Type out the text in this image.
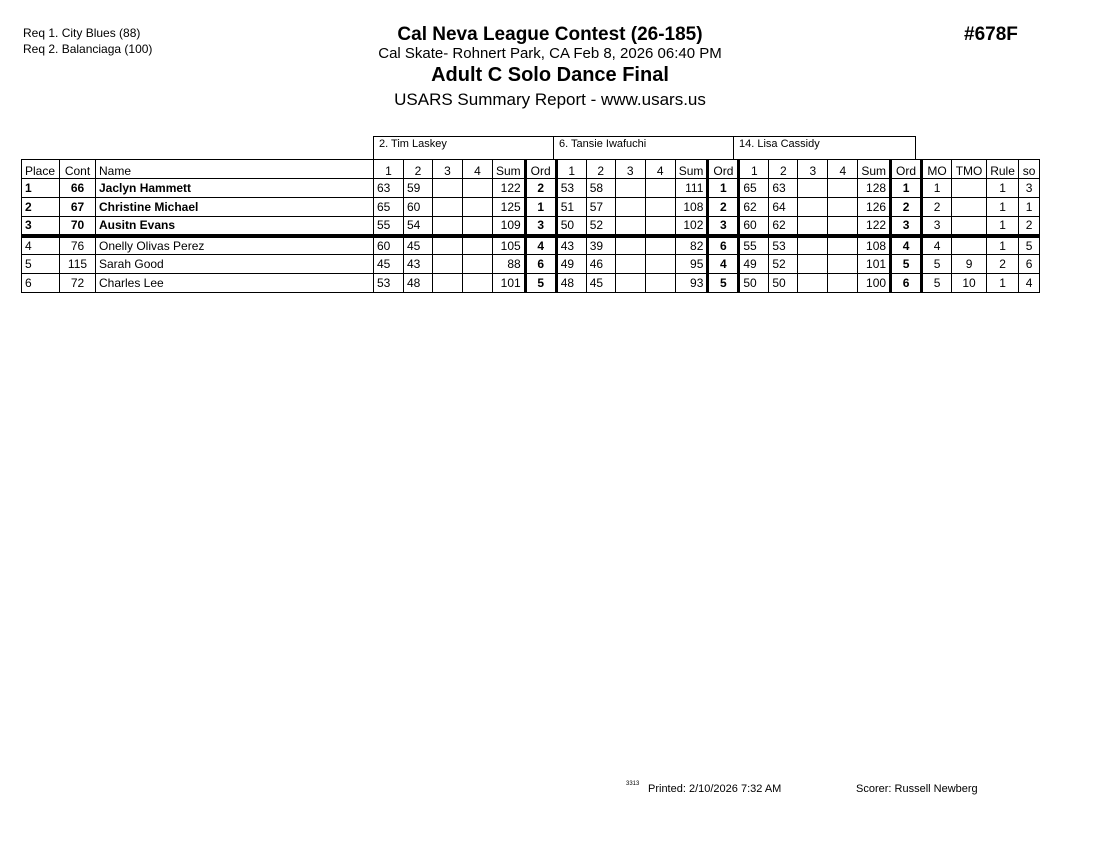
Req 1. City Blues (88)
Req 2. Balanciaga (100)
Cal Neva League Contest (26-185)
Cal Skate- Rohnert Park, CA Feb 8, 2026 06:40 PM
Adult C Solo Dance Final
USARS Summary Report - www.usars.us
#678F
2. Tim Laskey	6. Tansie Iwafuchi	14. Lisa Cassidy
Place	Cont	Name	1	2	3	4	Sum	Ord	1	2	3	4	Sum	Ord	1	2	3	4	Sum	Ord	MO	TMO	Rule	so
1	66	Jaclyn Hammett	63	59			122	2	53	58			111	1	65	63			128	1	1		1	3
2	67	Christine Michael	65	60			125	1	51	57			108	2	62	64			126	2	2		1	1
3	70	Ausitn Evans	55	54			109	3	50	52			102	3	60	62			122	3	3		1	2
4	76	Onelly Olivas Perez	60	45			105	4	43	39			82	6	55	53			108	4	4		1	5
5	115	Sarah Good	45	43			88	6	49	46			95	4	49	52			101	5	5	9	2	6
6	72	Charles Lee	53	48			101	5	48	45			93	5	50	50			100	6	5	10	1	4
3313 Printed: 2/10/2026 7:32 AM	Scorer: Russell Newberg
